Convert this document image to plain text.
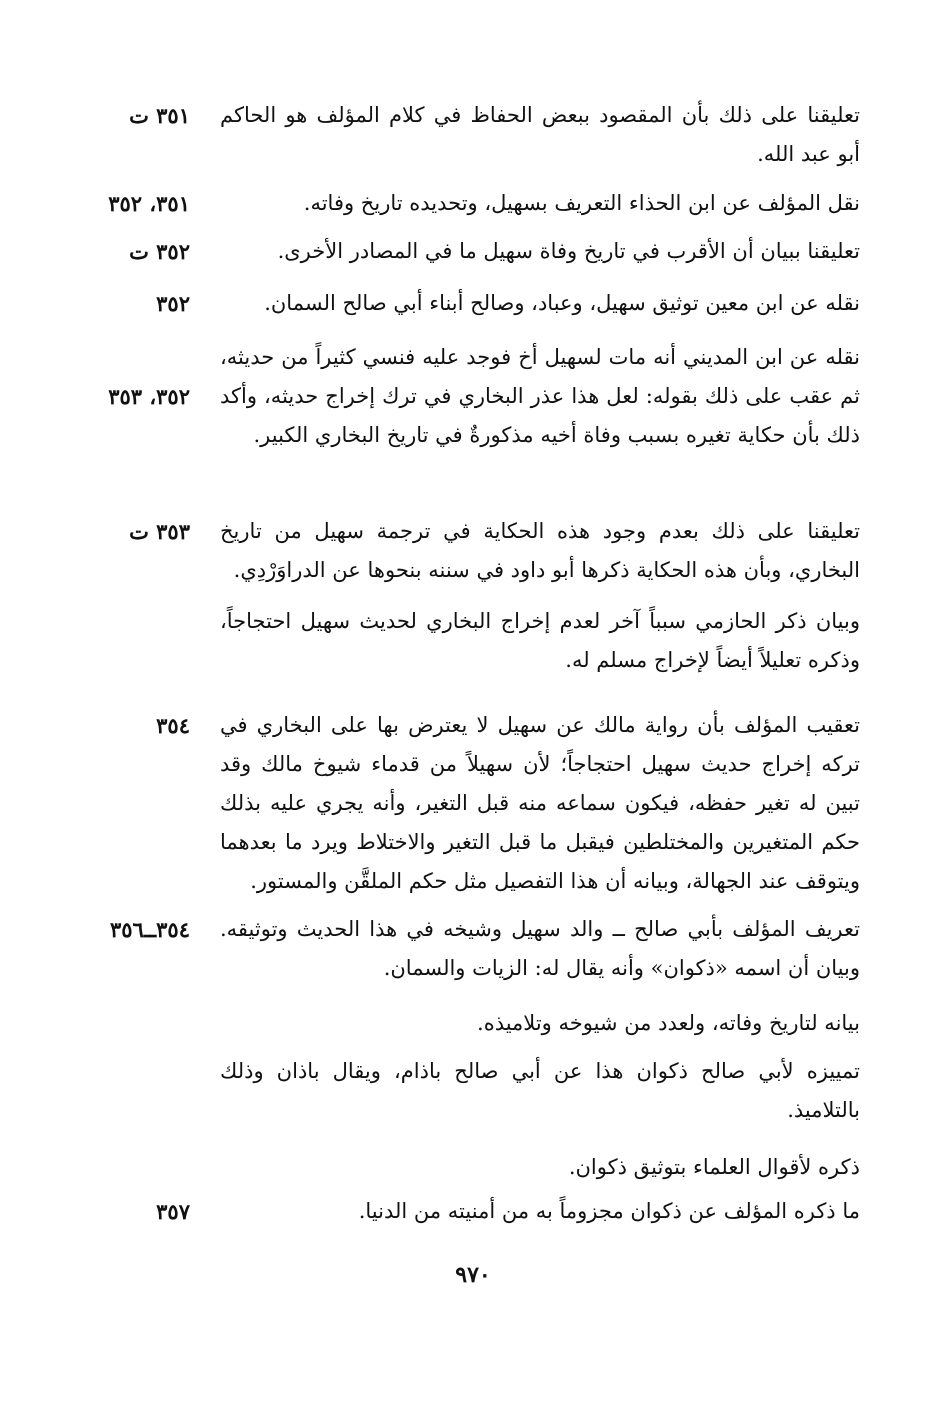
تعليقنا على ذلك بأن المقصود ببعض الحفاظ في كلام المؤلف هو الحاكم أبو عبد الله.

٣٥١ ت

نقل المؤلف عن ابن الحذاء التعريف بسهيل، وتحديده تاريخ وفاته.

٣٥١، ٣٥٢

تعليقنا ببيان أن الأقرب في تاريخ وفاة سهيل ما في المصادر الأخرى.

٣٥٢ ت

نقله عن ابن معين توثيق سهيل، وعباد، وصالح أبناء أبي صالح السمان.

٣٥٢

نقله عن ابن المديني أنه مات لسهيل أخ فوجد عليه فنسي كثيراً من حديثه، ثم عقب على ذلك بقوله: لعل هذا عذر البخاري في ترك إخراج حديثه، وأكد ذلك بأن حكاية تغيره بسبب وفاة أخيه مذكورةٌ في تاريخ البخاري الكبير.

٣٥٢، ٣٥٣

تعليقنا على ذلك بعدم وجود هذه الحكاية في ترجمة سهيل من تاريخ البخاري، وبأن هذه الحكاية ذكرها أبو داود في سننه بنحوها عن الدراوَرْدِي.

٣٥٣ ت

وبيان ذكر الحازمي سبباً آخر لعدم إخراج البخاري لحديث سهيل احتجاجاً، وذكره تعليلاً أيضاً لإخراج مسلم له.

تعقيب المؤلف بأن رواية مالك عن سهيل لا يعترض بها على البخاري في تركه إخراج حديث سهيل احتجاجاً؛ لأن سهيلاً من قدماء شيوخ مالك وقد تبين له تغير حفظه، فيكون سماعه منه قبل التغير، وأنه يجري عليه بذلك حكم المتغيرين والمختلطين فيقبل ما قبل التغير والاختلاط ويرد ما بعدهما ويتوقف عند الجهالة، وبيانه أن هذا التفصيل مثل حكم الملقَّن والمستور.

٣٥٤

تعريف المؤلف بأبي صالح ــ والد سهيل وشيخه في هذا الحديث وتوثيقه. وبيان أن اسمه «ذكوان» وأنه يقال له: الزيات والسمان.

٣٥٤ــ٣٥٦

بيانه لتاريخ وفاته، ولعدد من شيوخه وتلاميذه.

تمييزه لأبي صالح ذكوان هذا عن أبي صالح باذام، ويقال باذان وذلك بالتلاميذ.

ذكره لأقوال العلماء بتوثيق ذكوان.

ما ذكره المؤلف عن ذكوان مجزوماً به من أمنيته من الدنيا.

٣٥٧
٩٧٠
